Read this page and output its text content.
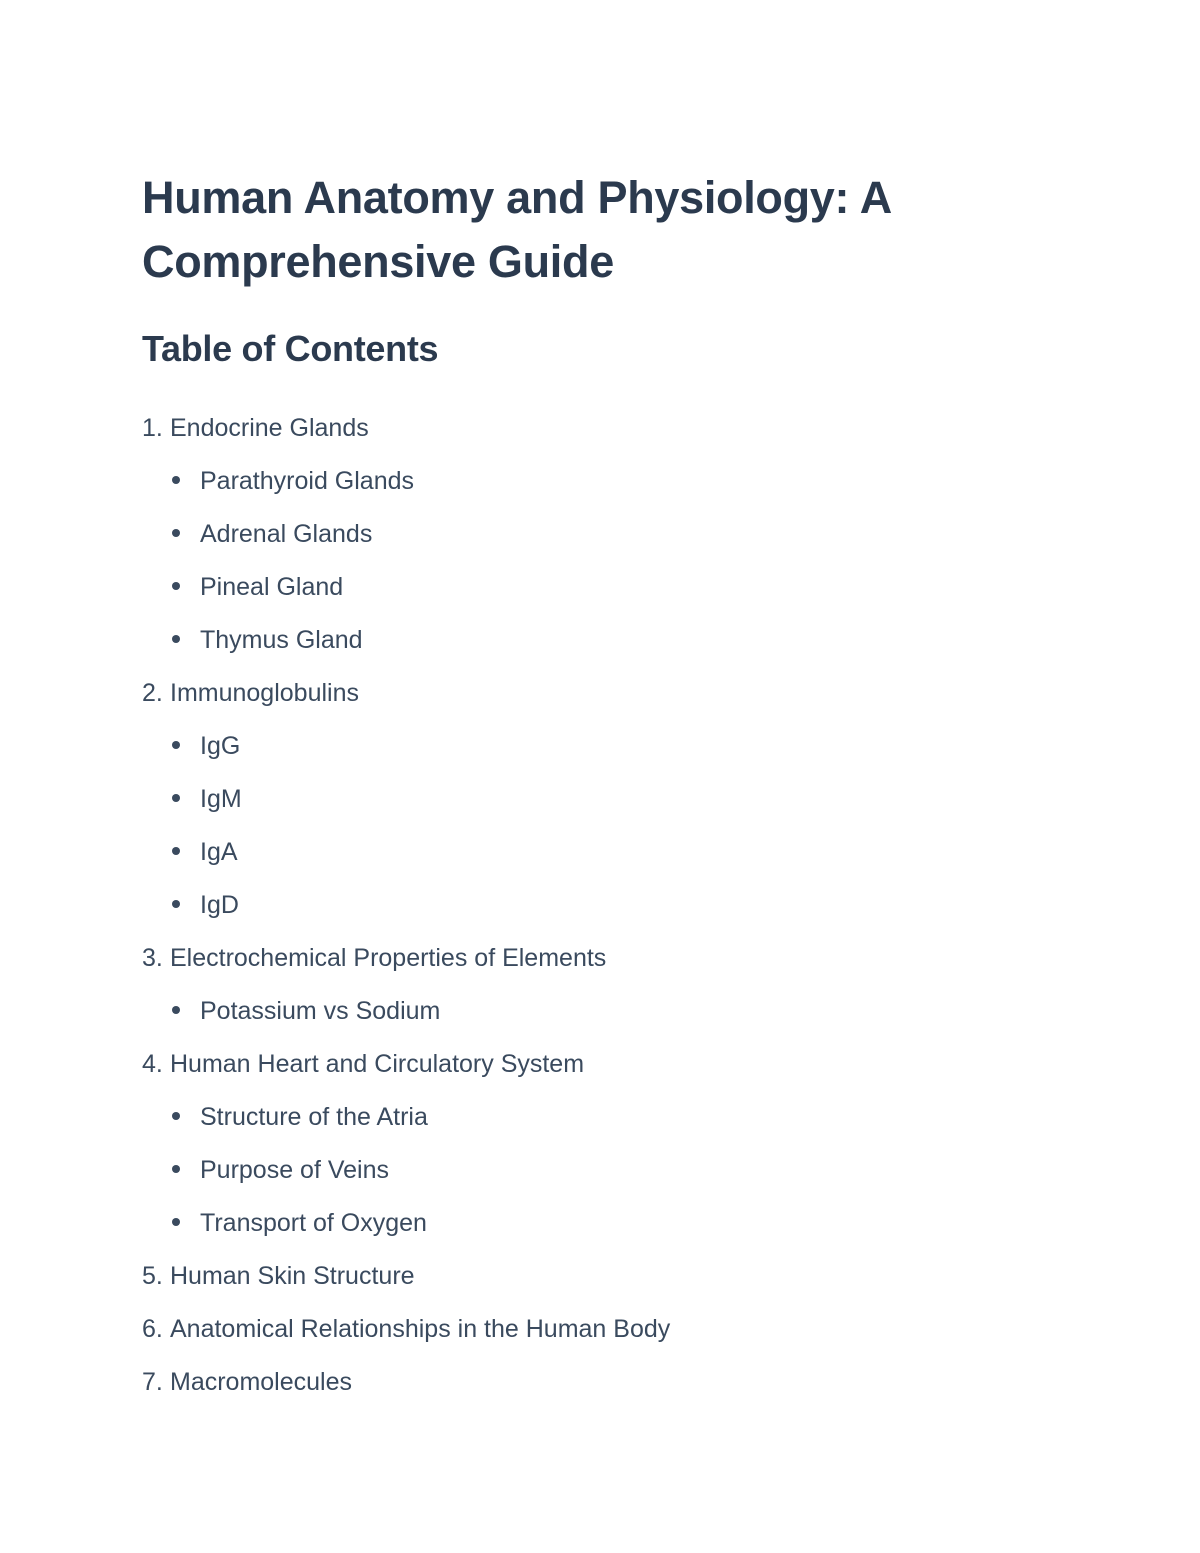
Human Anatomy and Physiology: A Comprehensive Guide
Table of Contents
1. Endocrine Glands
Parathyroid Glands
Adrenal Glands
Pineal Gland
Thymus Gland
2. Immunoglobulins
IgG
IgM
IgA
IgD
3. Electrochemical Properties of Elements
Potassium vs Sodium
4. Human Heart and Circulatory System
Structure of the Atria
Purpose of Veins
Transport of Oxygen
5. Human Skin Structure
6. Anatomical Relationships in the Human Body
7. Macromolecules
